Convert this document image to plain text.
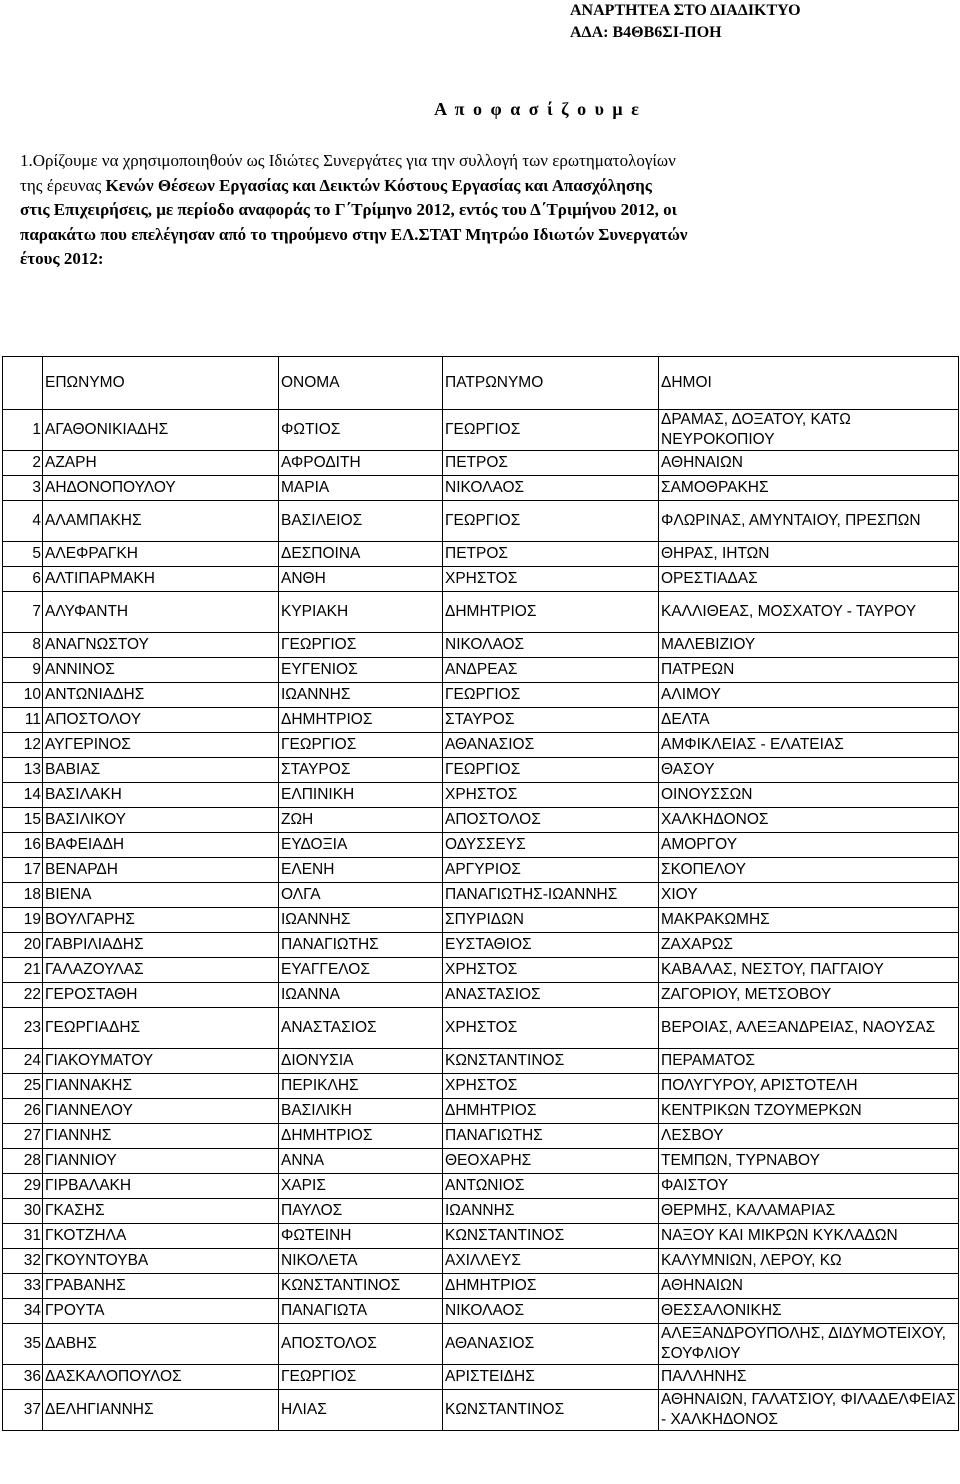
ΑΝΑΡΤΗΤΕΑ ΣΤΟ ΔΙΑΔΙΚΤΥΟ
ΑΔΑ: Β4ΘΒ6ΣΙ-ΠΟΗ
Α π ο φ α σ ί ζ ο υ μ ε
1.Ορίζουμε να χρησιμοποιηθούν ως Ιδιώτες Συνεργάτες για την συλλογή των ερωτηματολογίων
της έρευνας Κενών Θέσεων Εργασίας και Δεικτών Κόστους Εργασίας και Απασχόλησης
στις Επιχειρήσεις, με περίοδο αναφοράς το Γ΄Τρίμηνο 2012, εντός του Δ΄Τριμήνου 2012, οι
παρακάτω που επελέγησαν από το τηρούμενο στην ΕΛ.ΣΤΑΤ Μητρώο Ιδιωτών Συνεργατών
έτους 2012:
	ΕΠΩΝΥΜΟ	ΟΝΟΜΑ	ΠΑΤΡΩΝΥΜΟ	ΔΗΜΟΙ
1	ΑΓΑΘΟΝΙΚΙΑΔΗΣ	ΦΩΤΙΟΣ	ΓΕΩΡΓΙΟΣ	ΔΡΑΜΑΣ, ΔΟΞΑΤΟΥ, ΚΑΤΩ ΝΕΥΡΟΚΟΠΙΟΥ
2	ΑΖΑΡΗ	ΑΦΡΟΔΙΤΗ	ΠΕΤΡΟΣ	ΑΘΗΝΑΙΩΝ
3	ΑΗΔΟΝΟΠΟΥΛΟΥ	ΜΑΡΙΑ	ΝΙΚΟΛΑΟΣ	ΣΑΜΟΘΡΑΚΗΣ
4	ΑΛΑΜΠΑΚΗΣ	ΒΑΣΙΛΕΙΟΣ	ΓΕΩΡΓΙΟΣ	ΦΛΩΡΙΝΑΣ, ΑΜΥΝΤΑΙΟΥ, ΠΡΕΣΠΩΝ
5	ΑΛΕΦΡΑΓΚΗ	ΔΕΣΠΟΙΝΑ	ΠΕΤΡΟΣ	ΘΗΡΑΣ, ΙΗΤΩΝ
6	ΑΛΤΙΠΑΡΜΑΚΗ	ΑΝΘΗ	ΧΡΗΣΤΟΣ	ΟΡΕΣΤΙΑΔΑΣ
7	ΑΛΥΦΑΝΤΗ	ΚΥΡΙΑΚΗ	ΔΗΜΗΤΡΙΟΣ	ΚΑΛΛΙΘΕΑΣ, ΜΟΣΧΑΤΟΥ - ΤΑΥΡΟΥ
8	ΑΝΑΓΝΩΣΤΟΥ	ΓΕΩΡΓΙΟΣ	ΝΙΚΟΛΑΟΣ	ΜΑΛΕΒΙΖΙΟΥ
9	ΑΝΝΙΝΟΣ	ΕΥΓΕΝΙΟΣ	ΑΝΔΡΕΑΣ	ΠΑΤΡΕΩΝ
10	ΑΝΤΩΝΙΑΔΗΣ	ΙΩΑΝΝΗΣ	ΓΕΩΡΓΙΟΣ	ΑΛΙΜΟΥ
11	ΑΠΟΣΤΟΛΟΥ	ΔΗΜΗΤΡΙΟΣ	ΣΤΑΥΡΟΣ	ΔΕΛΤΑ
12	ΑΥΓΕΡΙΝΟΣ	ΓΕΩΡΓΙΟΣ	ΑΘΑΝΑΣΙΟΣ	ΑΜΦΙΚΛΕΙΑΣ - ΕΛΑΤΕΙΑΣ
13	ΒΑΒΙΑΣ	ΣΤΑΥΡΟΣ	ΓΕΩΡΓΙΟΣ	ΘΑΣΟΥ
14	ΒΑΣΙΛΑΚΗ	ΕΛΠΙΝΙΚΗ	ΧΡΗΣΤΟΣ	ΟΙΝΟΥΣΣΩΝ
15	ΒΑΣΙΛΙΚΟΥ	ΖΩΗ	ΑΠΟΣΤΟΛΟΣ	ΧΑΛΚΗΔΟΝΟΣ
16	ΒΑΦΕΙΑΔΗ	ΕΥΔΟΞΙΑ	ΟΔΥΣΣΕΥΣ	ΑΜΟΡΓΟΥ
17	ΒΕΝΑΡΔΗ	ΕΛΕΝΗ	ΑΡΓΥΡΙΟΣ	ΣΚΟΠΕΛΟΥ
18	ΒΙΕΝΑ	ΟΛΓΑ	ΠΑΝΑΓΙΩΤΗΣ-ΙΩΑΝΝΗΣ	ΧΙΟΥ
19	ΒΟΥΛΓΑΡΗΣ	ΙΩΑΝΝΗΣ	ΣΠΥΡΙΔΩΝ	ΜΑΚΡΑΚΩΜΗΣ
20	ΓΑΒΡΙΛΙΑΔΗΣ	ΠΑΝΑΓΙΩΤΗΣ	ΕΥΣΤΑΘΙΟΣ	ΖΑΧΑΡΩΣ
21	ΓΑΛΑΖΟΥΛΑΣ	ΕΥΑΓΓΕΛΟΣ	ΧΡΗΣΤΟΣ	ΚΑΒΑΛΑΣ, ΝΕΣΤΟΥ, ΠΑΓΓΑΙΟΥ
22	ΓΕΡΟΣΤΑΘΗ	ΙΩΑΝΝΑ	ΑΝΑΣΤΑΣΙΟΣ	ΖΑΓΟΡΙΟΥ, ΜΕΤΣΟΒΟΥ
23	ΓΕΩΡΓΙΑΔΗΣ	ΑΝΑΣΤΑΣΙΟΣ	ΧΡΗΣΤΟΣ	ΒΕΡΟΙΑΣ, ΑΛΕΞΑΝΔΡΕΙΑΣ, ΝΑΟΥΣΑΣ
24	ΓΙΑΚΟΥΜΑΤΟΥ	ΔΙΟΝΥΣΙΑ	ΚΩΝΣΤΑΝΤΙΝΟΣ	ΠΕΡΑΜΑΤΟΣ
25	ΓΙΑΝΝΑΚΗΣ	ΠΕΡΙΚΛΗΣ	ΧΡΗΣΤΟΣ	ΠΟΛΥΓΥΡΟΥ, ΑΡΙΣΤΟΤΕΛΗ
26	ΓΙΑΝΝΕΛΟΥ	ΒΑΣΙΛΙΚΗ	ΔΗΜΗΤΡΙΟΣ	ΚΕΝΤΡΙΚΩΝ ΤΖΟΥΜΕΡΚΩΝ
27	ΓΙΑΝΝΗΣ	ΔΗΜΗΤΡΙΟΣ	ΠΑΝΑΓΙΩΤΗΣ	ΛΕΣΒΟΥ
28	ΓΙΑΝΝΙΟΥ	ΑΝΝΑ	ΘΕΟΧΑΡΗΣ	ΤΕΜΠΩΝ, ΤΥΡΝΑΒΟΥ
29	ΓΙΡΒΑΛΑΚΗ	ΧΑΡΙΣ	ΑΝΤΩΝΙΟΣ	ΦΑΙΣΤΟΥ
30	ΓΚΑΣΗΣ	ΠΑΥΛΟΣ	ΙΩΑΝΝΗΣ	ΘΕΡΜΗΣ, ΚΑΛΑΜΑΡΙΑΣ
31	ΓΚΟΤΖΗΛΑ	ΦΩΤΕΙΝΗ	ΚΩΝΣΤΑΝΤΙΝΟΣ	ΝΑΞΟΥ ΚΑΙ ΜΙΚΡΩΝ ΚΥΚΛΑΔΩΝ
32	ΓΚΟΥΝΤΟΥΒΑ	ΝΙΚΟΛΕΤΑ	ΑΧΙΛΛΕΥΣ	ΚΑΛΥΜΝΙΩΝ, ΛΕΡΟΥ, ΚΩ
33	ΓΡΑΒΑΝΗΣ	ΚΩΝΣΤΑΝΤΙΝΟΣ	ΔΗΜΗΤΡΙΟΣ	ΑΘΗΝΑΙΩΝ
34	ΓΡΟΥΤΑ	ΠΑΝΑΓΙΩΤΑ	ΝΙΚΟΛΑΟΣ	ΘΕΣΣΑΛΟΝΙΚΗΣ
35	ΔΑΒΗΣ	ΑΠΟΣΤΟΛΟΣ	ΑΘΑΝΑΣΙΟΣ	ΑΛΕΞΑΝΔΡΟΥΠΟΛΗΣ, ΔΙΔΥΜΟΤΕΙΧΟΥ, ΣΟΥΦΛΙΟΥ
36	ΔΑΣΚΑΛΟΠΟΥΛΟΣ	ΓΕΩΡΓΙΟΣ	ΑΡΙΣΤΕΙΔΗΣ	ΠΑΛΛΗΝΗΣ
37	ΔΕΛΗΓΙΑΝΝΗΣ	ΗΛΙΑΣ	ΚΩΝΣΤΑΝΤΙΝΟΣ	ΑΘΗΝΑΙΩΝ, ΓΑΛΑΤΣΙΟΥ, ΦΙΛΑΔΕΛΦΕΙΑΣ - ΧΑΛΚΗΔΟΝΟΣ
